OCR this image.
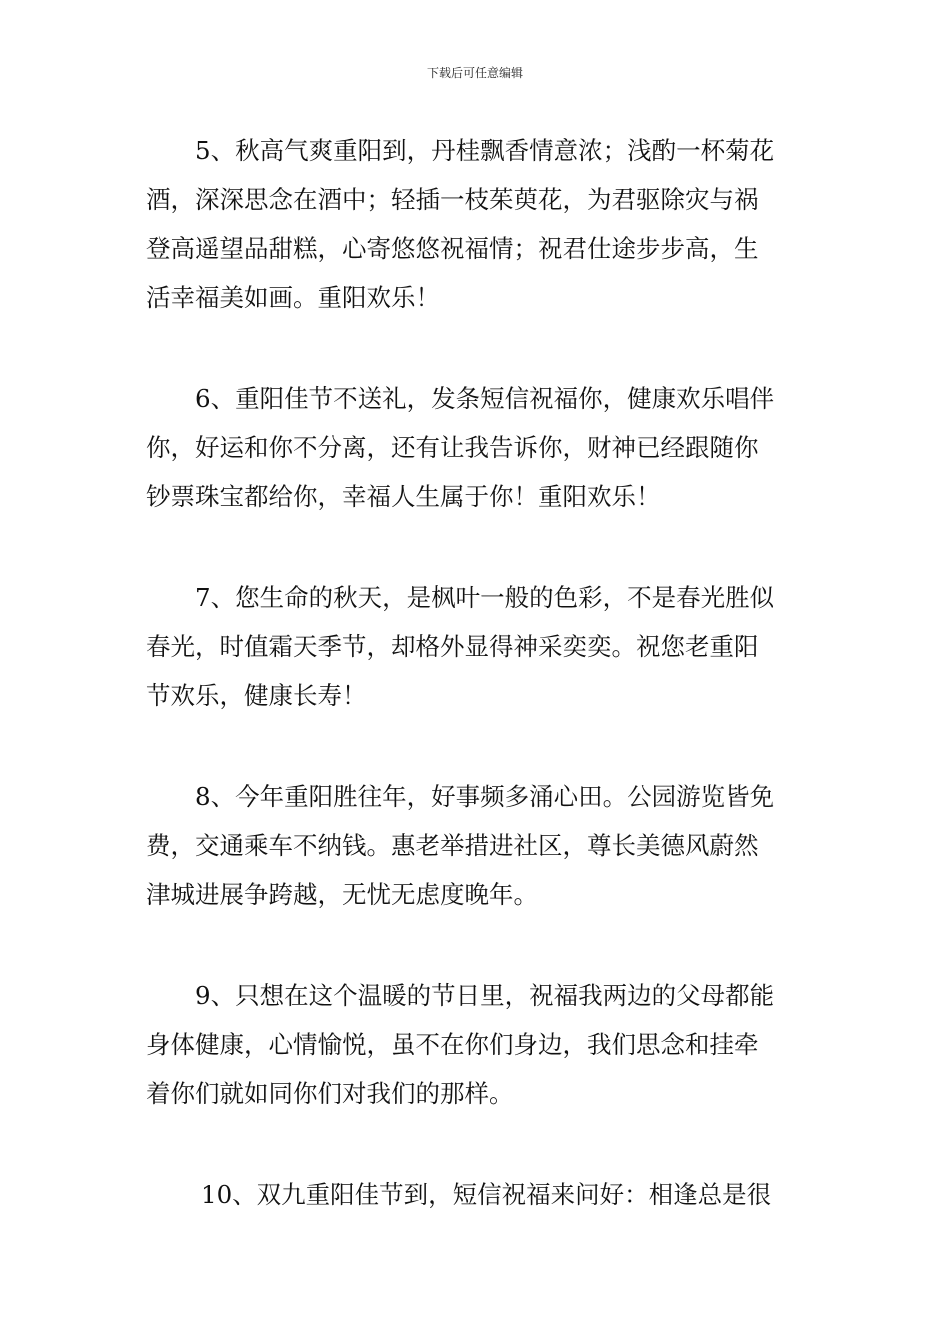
下载后可任意编辑
5、秋高气爽重阳到，丹桂飘香情意浓；浅酌一杯菊花
酒，深深思念在酒中；轻插一枝茱萸花，为君驱除灾与祸
登高遥望品甜糕，心寄悠悠祝福情；祝君仕途步步高，生
活幸福美如画。重阳欢乐！
6、重阳佳节不送礼，发条短信祝福你，健康欢乐唱伴
你，好运和你不分离，还有让我告诉你，财神已经跟随你
钞票珠宝都给你，幸福人生属于你！重阳欢乐！
7、您生命的秋天，是枫叶一般的色彩，不是春光胜似
春光，时值霜天季节，却格外显得神采奕奕。祝您老重阳
节欢乐，健康长寿！
8、今年重阳胜往年，好事频多涌心田。公园游览皆免
费，交通乘车不纳钱。惠老举措进社区，尊长美德风蔚然
津城进展争跨越，无忧无虑度晚年。
9、只想在这个温暖的节日里，祝福我两边的父母都能
身体健康，心情愉悦，虽不在你们身边，我们思念和挂牵
着你们就如同你们对我们的那样。
10、双九重阳佳节到，短信祝福来问好：相逢总是很
